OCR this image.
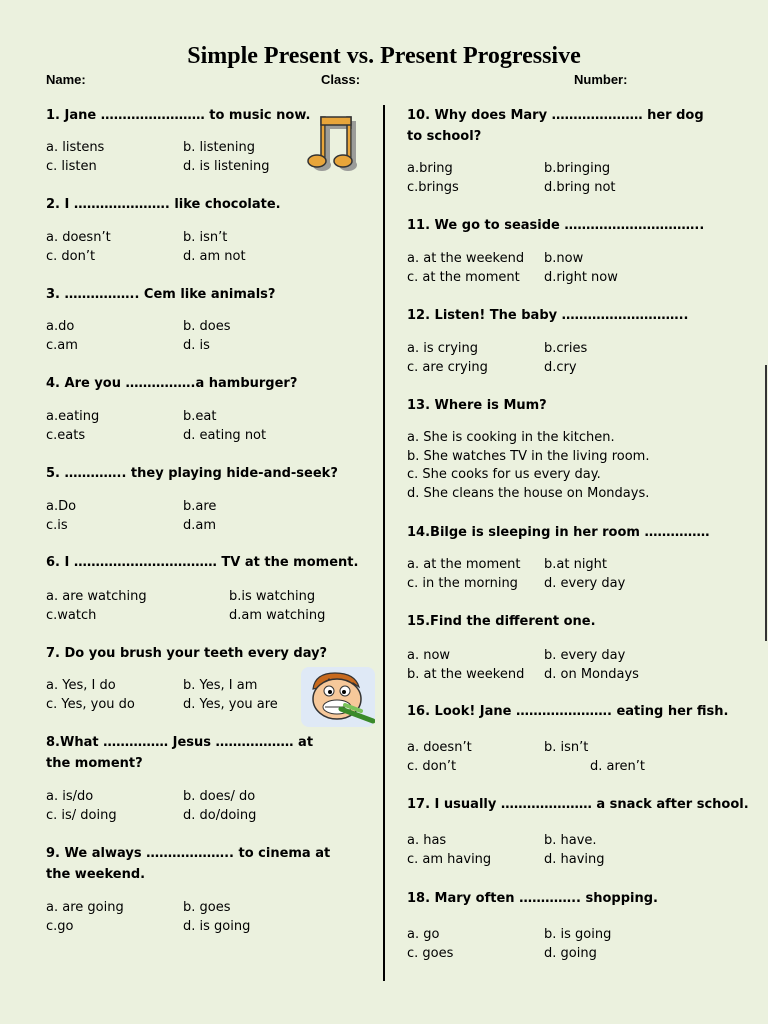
Simple Present vs. Present Progressive
Name:	Class:	Number:
1. Jane …………………… to music now.
a. listens
c. listen
b. listening
d. is listening
2. I …………………. like chocolate.
a. doesn’t
c. don’t
b. isn’t
d. am not
3. …………….. Cem like animals?
a.do
c.am
b. does
d. is
4. Are you …………….a hamburger?
a.eating
c.eats
b.eat
d. eating not
5. ………….. they playing hide-and-seek?
a.Do
c.is
b.are
d.am
6. I …………………………… TV at the moment.
a. are watching
c.watch
b.is watching
d.am watching
7. Do you brush your teeth every day?
a. Yes, I do
c. Yes, you do
b. Yes, I am
d. Yes, you are
8.What …………… Jesus ……………… at the moment?
a. is/do
c. is/ doing
b. does/ do
d. do/doing
9. We always ……………….. to cinema at the weekend.
a. are going
c.go
b. goes
d. is going
10. Why does Mary ………………… her dog to school?
a.bring
c.brings
b.bringing
d.bring not
11. We go to seaside …………………………..
a. at the weekend
c. at the moment
b.now
d.right now
12. Listen! The baby ………………………..
a. is crying
c. are crying
b.cries
d.cry
13. Where is Mum?
a. She is cooking in the kitchen.
b. She watches TV in the living room.
c. She cooks for us every day.
d. She cleans the house on Mondays.
14.Bilge is sleeping in her room ……………
a. at the moment
c. in the morning
b.at night
d. every day
15.Find the different one.
a. now
b. at the weekend
b. every day
d. on Mondays
16. Look! Jane …………………. eating her fish.
a. doesn’t
c. don’t
b. isn’t
d. aren’t
17. I usually ………………… a snack after school.
a. has
c. am having
b. have.
d. having
18. Mary often ………….. shopping.
a. go
c. goes
b. is going
d. going
